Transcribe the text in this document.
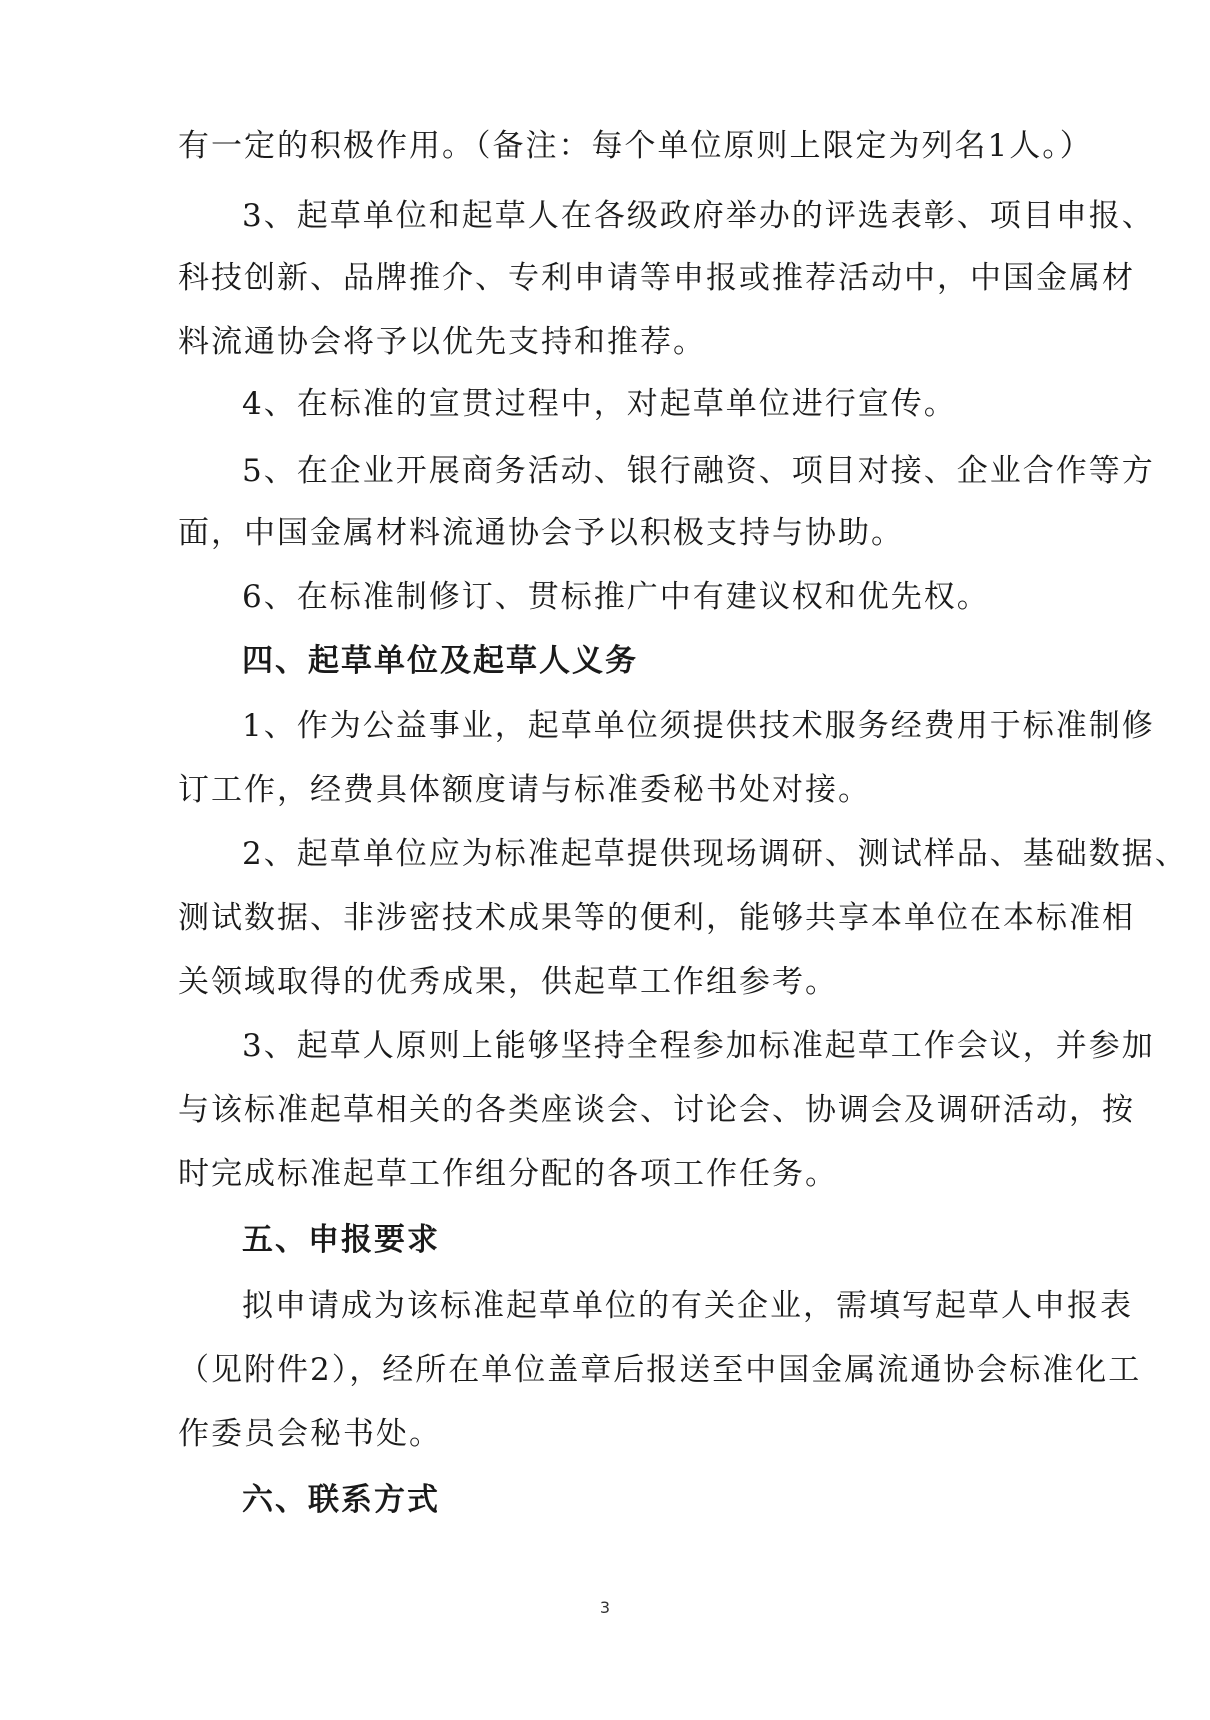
有一定的积极作用。（备注：每个单位原则上限定为列名1人。）
3、起草单位和起草人在各级政府举办的评选表彰、项目申报、
科技创新、品牌推介、专利申请等申报或推荐活动中，中国金属材
料流通协会将予以优先支持和推荐。
4、在标准的宣贯过程中，对起草单位进行宣传。
5、在企业开展商务活动、银行融资、项目对接、企业合作等方
面，中国金属材料流通协会予以积极支持与协助。
6、在标准制修订、贯标推广中有建议权和优先权。
四、起草单位及起草人义务
1、作为公益事业，起草单位须提供技术服务经费用于标准制修
订工作，经费具体额度请与标准委秘书处对接。
2、起草单位应为标准起草提供现场调研、测试样品、基础数据、
测试数据、非涉密技术成果等的便利，能够共享本单位在本标准相
关领域取得的优秀成果，供起草工作组参考。
3、起草人原则上能够坚持全程参加标准起草工作会议，并参加
与该标准起草相关的各类座谈会、讨论会、协调会及调研活动，按
时完成标准起草工作组分配的各项工作任务。
五、申报要求
拟申请成为该标准起草单位的有关企业，需填写起草人申报表
（见附件2），经所在单位盖章后报送至中国金属流通协会标准化工
作委员会秘书处。
六、联系方式
3
